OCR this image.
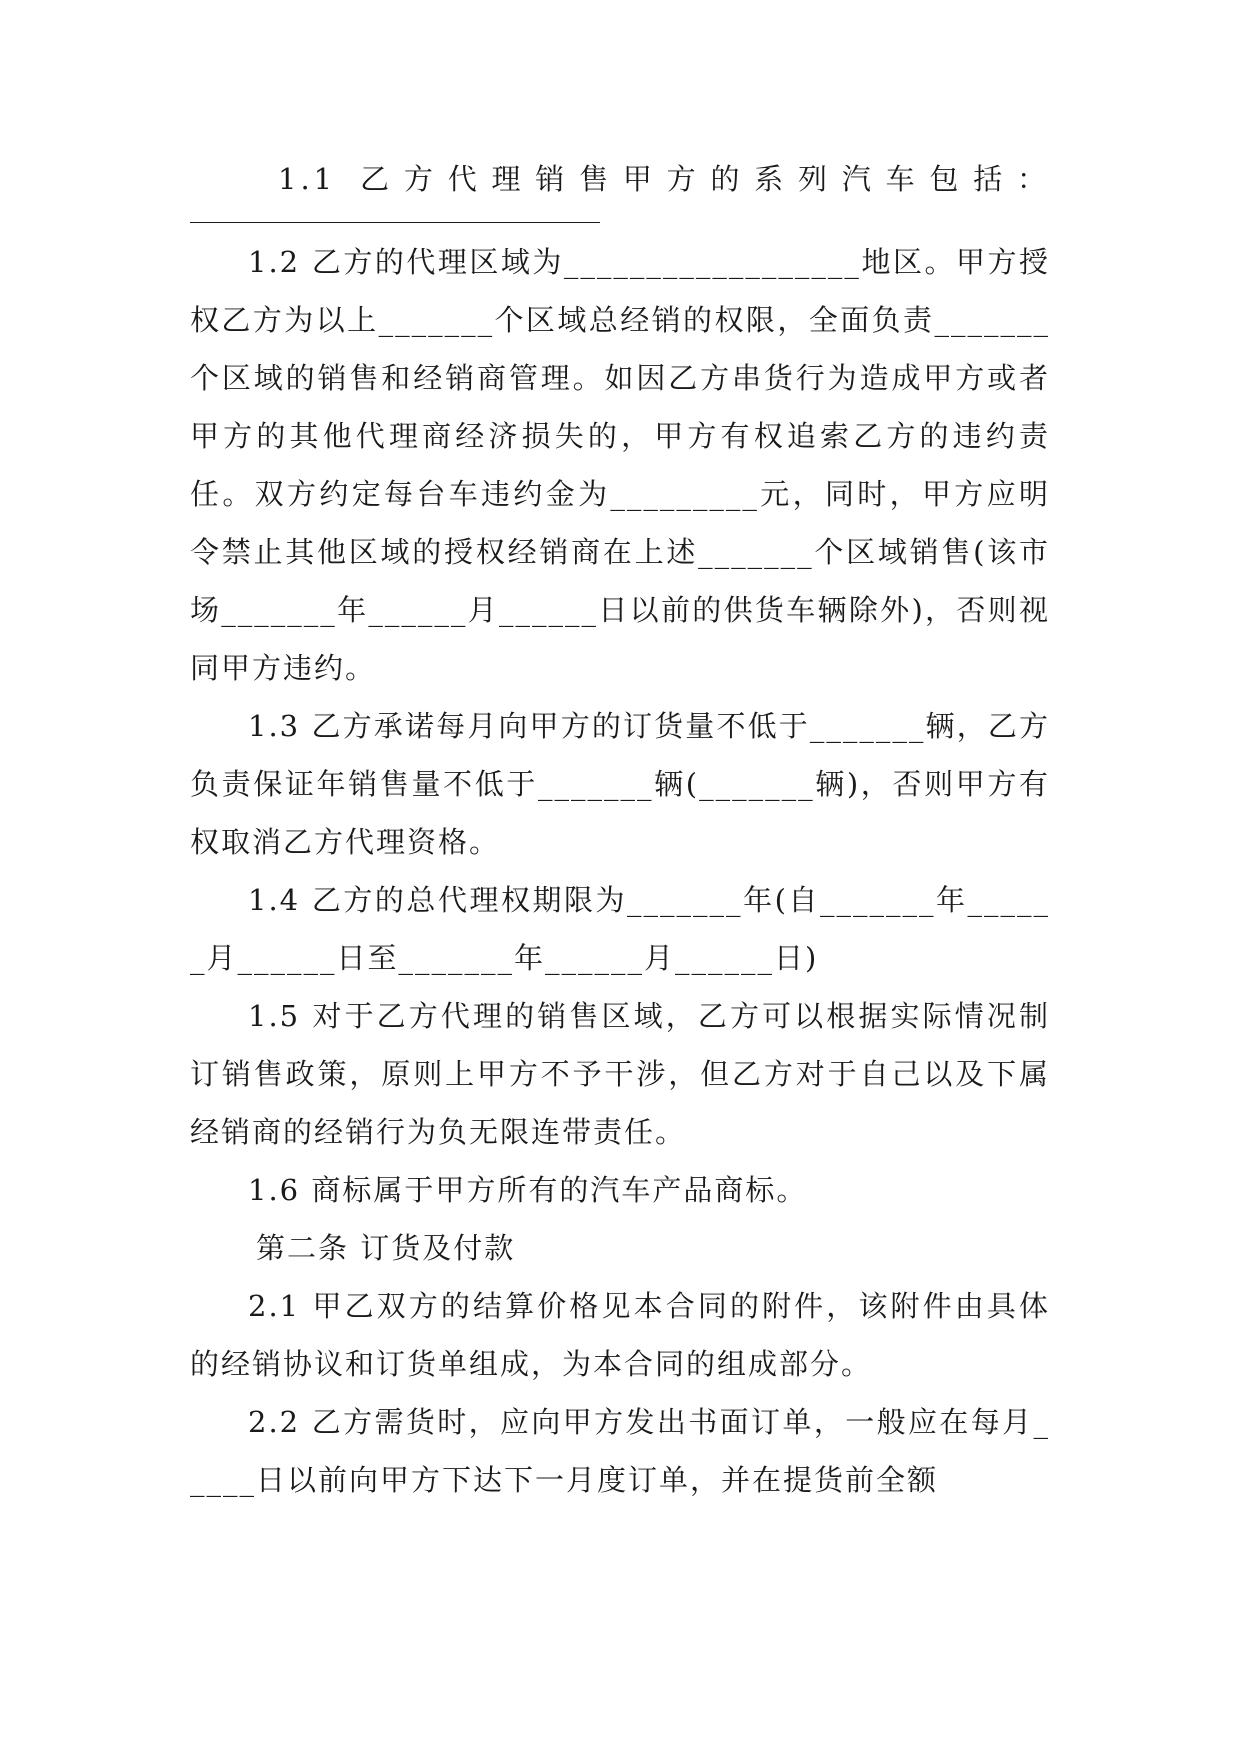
1.1 乙方代理销售甲方的系列汽车包括：

1.2 乙方的代理区域为__________________地区。甲方授权乙方为以上_______个区域总经销的权限，全面负责_______个区域的销售和经销商管理。如因乙方串货行为造成甲方或者甲方的其他代理商经济损失的，甲方有权追索乙方的违约责任。双方约定每台车违约金为_________元，同时，甲方应明令禁止其他区域的授权经销商在上述_______个区域销售(该市场_______年______月______日以前的供货车辆除外)，否则视同甲方违约。

1.3 乙方承诺每月向甲方的订货量不低于_______辆，乙方负责保证年销售量不低于_______辆(_______辆)，否则甲方有权取消乙方代理资格。

1.4 乙方的总代理权期限为_______年(自_______年______月______日至_______年______月______日)

1.5 对于乙方代理的销售区域，乙方可以根据实际情况制订销售政策，原则上甲方不予干涉，但乙方对于自己以及下属经销商的经销行为负无限连带责任。

1.6 商标属于甲方所有的汽车产品商标。

第二条 订货及付款

2.1 甲乙双方的结算价格见本合同的附件，该附件由具体的经销协议和订货单组成，为本合同的组成部分。

2.2 乙方需货时，应向甲方发出书面订单，一般应在每月_____日以前向甲方下达下一月度订单，并在提货前全额
